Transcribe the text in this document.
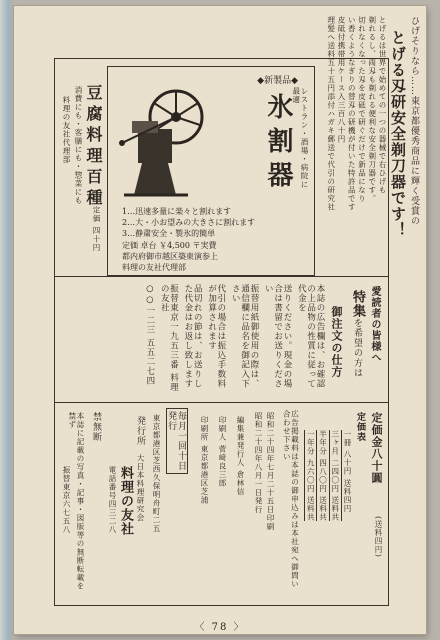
ひげそりなら……東京都優秀商品に輝く受賞の
とげる刄研安全剃刀器です！
とげるは世界で始めての一つの器械で右ひげも
剃れるし、両刄も剃れる便利な安全剃刀器です。
切れなくなった刄を皮砥で研ぐだけで新品になり
い香くようなぎりの替刄の研機が付いた特許品です
皮砥付携帯用ケース入三百八十円
理髪へ送料五十五円添付ハガキ郵送で代引の研究社
◆新製品◆
レストラン・酒場・病院に最適
氷割器
1…迅速多量に楽々と割れます
2…大・小お望みの大きさに割れます
3…静粛安全・製氷的簡単
定価 卓台 ￥4,500 〒実費
都内府御市越区築東演参上
料理の友社代理部
豆腐料理百種
定価 四十円
消費にも・客膳にも・惣菜にも
料理の友社代理部
愛読者の皆様へ
特集を希望の方は
御注文の仕方
本誌の広告欄は、お確認の上品物の性質に従って代金を
送りください。現金の場合は書留でお送りください
振替用紙御使用の際は、通信欄に品名を御記入下さい
代引の場合は振込手数料が加算されます
品切れの節は、お送りした代金はお返し致します
振替東京一九五三番 料理の友社
○○一二三 五五二七四
定価金八十圓
(送料四円)
定価表
一冊
八十円
送料四円
三ヶ月
二四〇円
送料共
半年分
四八〇円
送料共
一年分
九六〇円
送料共
広告掲載料は本誌の御申込みは本社宛へ御問い合わせ下さい
昭和二十四年七月二十五日印刷
昭和二十四年八月一日発行
編集兼発行人 倉林信
印刷人 菅﨑良三郎
印刷所 東京都港区芝浦
毎月一回十日発行
東京都港区芝西久保明舟町二五
発行所
大日本料理研究会
料理の友社
電話番号四三二八
禁無断
本誌に記載の写真・記事・図版等の無断転載を禁ず
振替東京六七五八
〈 78 〉
